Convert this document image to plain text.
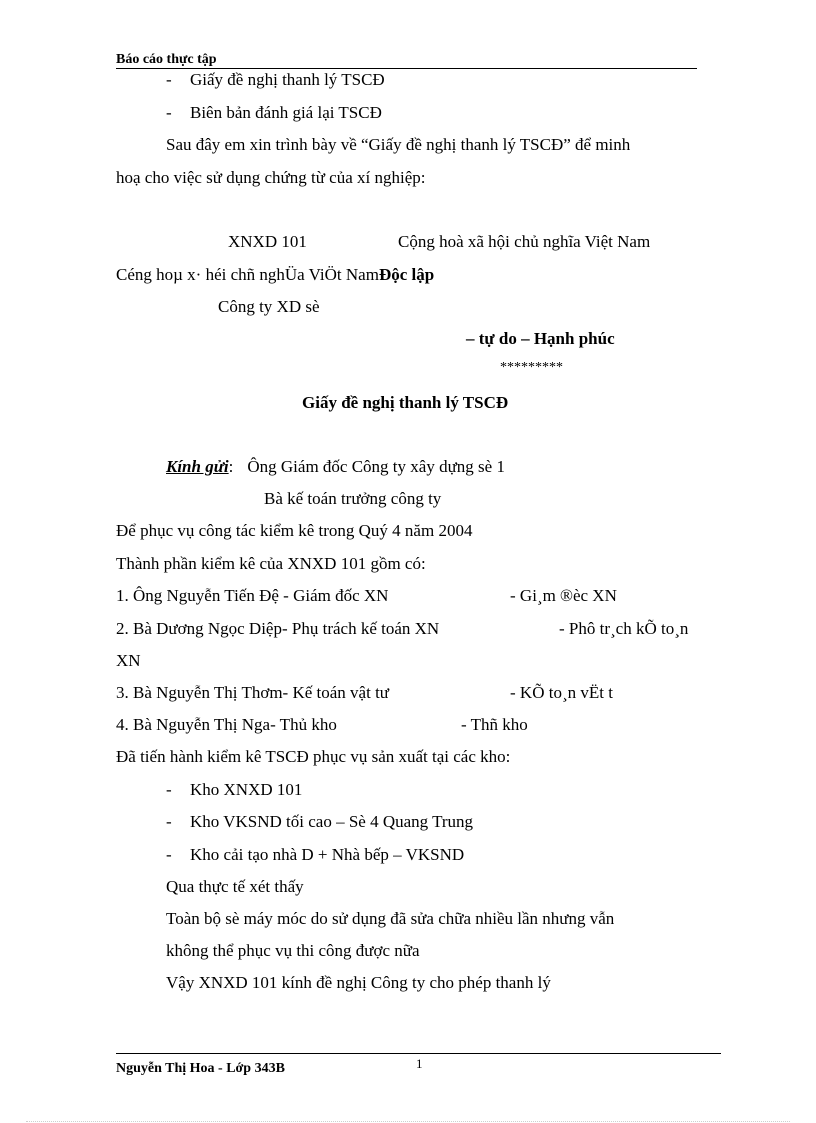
Báo cáo thực tập
- Giấy đề nghị thanh lý TSCĐ
- Biên bản đánh giá lại TSCĐ
Sau đây em xin trình bày về “Giấy đề nghị thanh lý TSCĐ” để minh
hoạ cho việc sử dụng chứng từ của xí nghiệp:
XNXD 101	Cộng hoà xã hội chủ nghĩa Việt Nam
Céng hoµ x· héi chñ nghÜa ViÖt NamĐộc lập
Công ty XD sè
– tự do – Hạnh phúc
*********
Giấy đề nghị thanh lý TSCĐ
Kính gửi: Ông Giám đốc Công ty xây dựng sè 1
Bà kế toán trưởng công ty
Để phục vụ công tác kiểm kê trong Quý 4 năm 2004
Thành phần kiểm kê của XNXD 101 gồm có:
1. Ông Nguyễn Tiến Đệ - Giám đốc XN	- Gi¸m ®èc XN
2. Bà Dương Ngọc Diệp- Phụ trách kế toán XN	- Phô tr¸ch kÕ to¸n
XN
3. Bà Nguyễn Thị Thơm- Kế toán vật tư	- KÕ to¸n vËt t
4. Bà Nguyễn Thị Nga- Thủ kho	- Thñ kho
Đã tiến hành kiểm kê TSCĐ phục vụ sản xuất tại các kho:
- Kho XNXD 101
- Kho VKSND tối cao – Sè 4 Quang Trung
- Kho cải tạo nhà D + Nhà bếp – VKSND
Qua thực tế xét thấy
Toàn bộ sè máy móc do sử dụng đã sửa chữa nhiều lần nhưng vẫn
không thể phục vụ thi công được nữa
Vậy XNXD 101 kính đề nghị Công ty cho phép thanh lý
1
Nguyễn Thị Hoa - Lớp 343B
